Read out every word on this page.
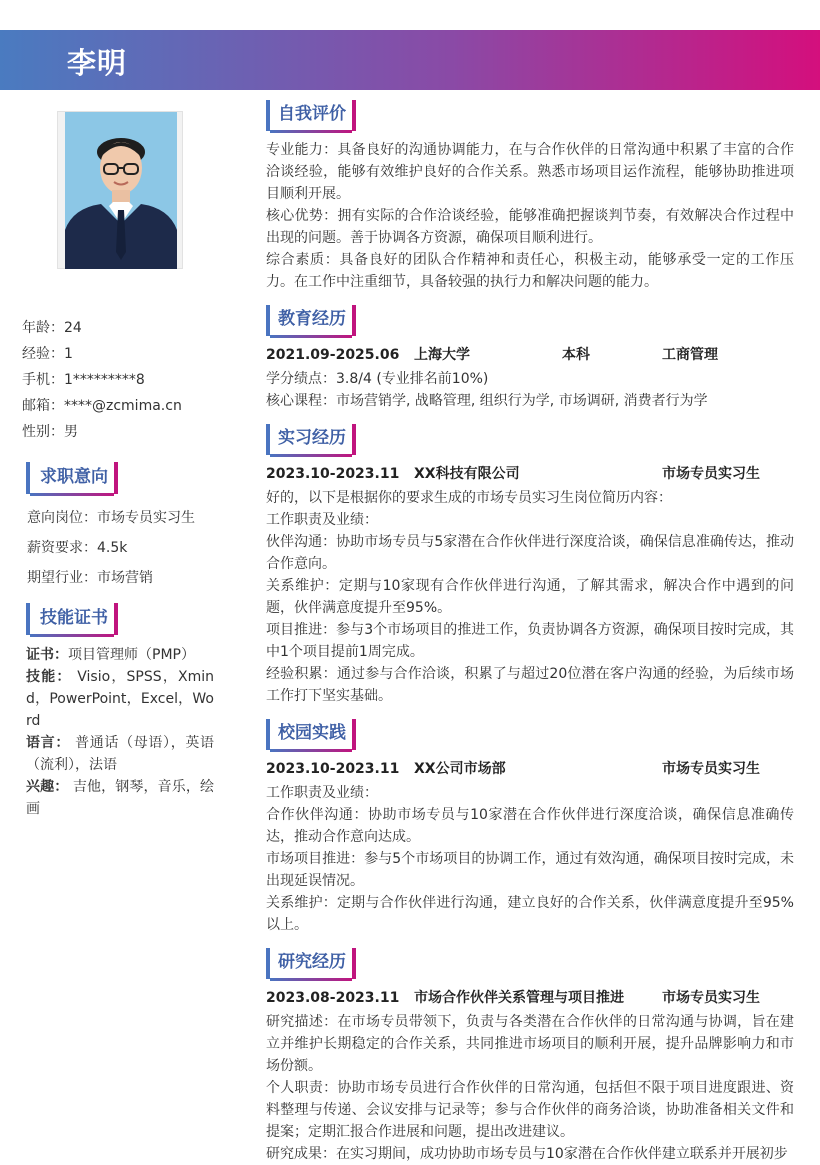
李明
年龄：24
经验：1
手机：1*********8
邮箱：****@zcmima.cn
性别：男
求职意向
意向岗位：市场专员实习生
薪资要求：4.5k
期望行业：市场营销
技能证书
证书：项目管理师（PMP）
技能： Visio，SPSS，Xmind，PowerPoint，Excel，Word
语言： 普通话（母语），英语（流利），法语
兴趣： 吉他，钢琴，音乐，绘画
自我评价

专业能力：具备良好的沟通协调能力，在与合作伙伴的日常沟通中积累了丰富的合作洽谈经验，能够有效维护良好的合作关系。熟悉市场项目运作流程，能够协助推进项目顺利开展。

核心优势：拥有实际的合作洽谈经验，能够准确把握谈判节奏，有效解决合作过程中出现的问题。善于协调各方资源，确保项目顺利进行。

综合素质：具备良好的团队合作精神和责任心，积极主动，能够承受一定的工作压力。在工作中注重细节，具备较强的执行力和解决问题的能力。

教育经历
2021.09-2025.06 上海大学	本科	工商管理

学分绩点：3.8/4 (专业排名前10%)

核心课程：市场营销学, 战略管理, 组织行为学, 市场调研, 消费者行为学

实习经历
2023.10-2023.11 XX科技有限公司	市场专员实习生

好的，以下是根据你的要求生成的市场专员实习生岗位简历内容：

工作职责及业绩：

伙伴沟通：协助市场专员与5家潜在合作伙伴进行深度洽谈，确保信息准确传达，推动合作意向。

关系维护：定期与10家现有合作伙伴进行沟通，了解其需求，解决合作中遇到的问题，伙伴满意度提升至95%。

项目推进：参与3个市场项目的推进工作，负责协调各方资源，确保项目按时完成，其中1个项目提前1周完成。

经验积累：通过参与合作洽谈，积累了与超过20位潜在客户沟通的经验，为后续市场工作打下坚实基础。

校园实践
2023.10-2023.11 XX公司市场部	市场专员实习生

工作职责及业绩：

合作伙伴沟通：协助市场专员与10家潜在合作伙伴进行深度洽谈，确保信息准确传达，推动合作意向达成。

市场项目推进：参与5个市场项目的协调工作，通过有效沟通，确保项目按时完成，未出现延误情况。

关系维护：定期与合作伙伴进行沟通，建立良好的合作关系，伙伴满意度提升至95%以上。

研究经历
2023.08-2023.11 市场合作伙伴关系管理与项目推进	市场专员实习生

研究描述：在市场专员带领下，负责与各类潜在合作伙伴的日常沟通与协调，旨在建立并维护长期稳定的合作关系，共同推进市场项目的顺利开展，提升品牌影响力和市场份额。

个人职责：协助市场专员进行合作伙伴的日常沟通，包括但不限于项目进度跟进、资料整理与传递、会议安排与记录等；参与合作伙伴的商务洽谈，协助准备相关文件和提案；定期汇报合作进展和问题，提出改进建议。

研究成果：在实习期间，成功协助市场专员与10家潜在合作伙伴建立联系并开展初步
